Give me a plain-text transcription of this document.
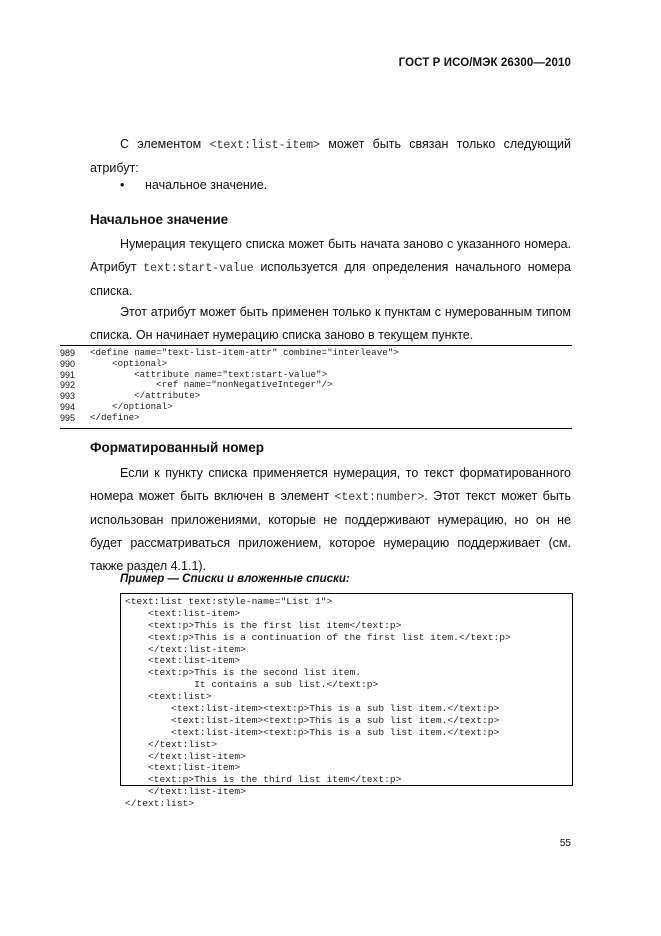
ГОСТ Р ИСО/МЭК 26300—2010
С элементом <text:list-item> может быть связан только следующий атрибут:
• начальное значение.
Начальное значение
Нумерация текущего списка может быть начата заново с указанного номера. Атрибут text:start-value используется для определения начального номера списка.
Этот атрибут может быть применен только к пунктам с нумерованным типом списка. Он начинает нумерацию списка заново в текущем пункте.
989	<define name="text-list-item-attr" combine="interleave">
990	<optional>
991	<attribute name="text:start-value">
992	<ref name="nonNegativeInteger"/>
993	</attribute>
994	</optional>
995	</define>
Форматированный номер
Если к пункту списка применяется нумерация, то текст форматированного номера может быть включен в элемент <text:number>. Этот текст может быть использован приложениями, которые не поддерживают нумерацию, но он не будет рассматриваться приложением, которое нумерацию поддерживает (см. также раздел 4.1.1).
Пример — Списки и вложенные списки:
<text:list text:style-name="List 1">
<text:list-item>
<text:p>This is the first list item</text:p>
<text:p>This is a continuation of the first list item.</text:p>
</text:list-item>
<text:list-item>
<text:p>This is the second list item.
It contains a sub list.</text:p>
<text:list>
<text:list-item><text:p>This is a sub list item.</text:p>
<text:list-item><text:p>This is a sub list item.</text:p>
<text:list-item><text:p>This is a sub list item.</text:p>
</text:list>
</text:list-item>
<text:list-item>
<text:p>This is the third list item</text:p>
</text:list-item>
</text:list>
55
